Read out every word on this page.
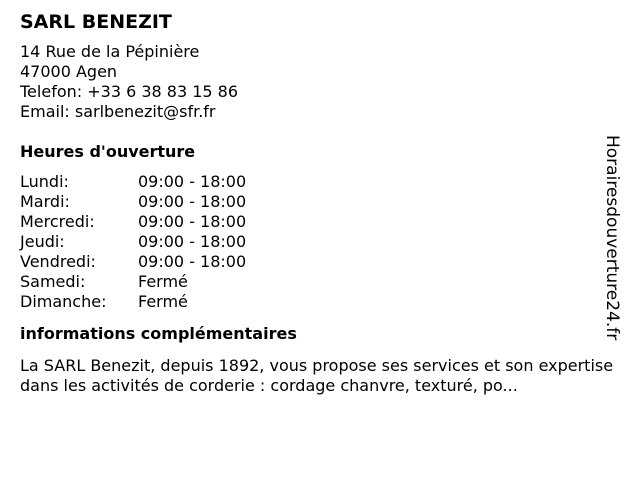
SARL BENEZIT
14 Rue de la Pépinière
47000 Agen
Telefon: +33 6 38 83 15 86
Email: sarlbenezit@sfr.fr
Heures d'ouverture
Lundi:	09:00 - 18:00
Mardi:	09:00 - 18:00
Mercredi:	09:00 - 18:00
Jeudi:	09:00 - 18:00
Vendredi:	09:00 - 18:00
Samedi:	Fermé
Dimanche:	Fermé
informations complémentaires
La SARL Benezit, depuis 1892, vous propose ses services et son expertise dans les activités de corderie : cordage chanvre, texturé, po...
Horairesdouverture24.fr
